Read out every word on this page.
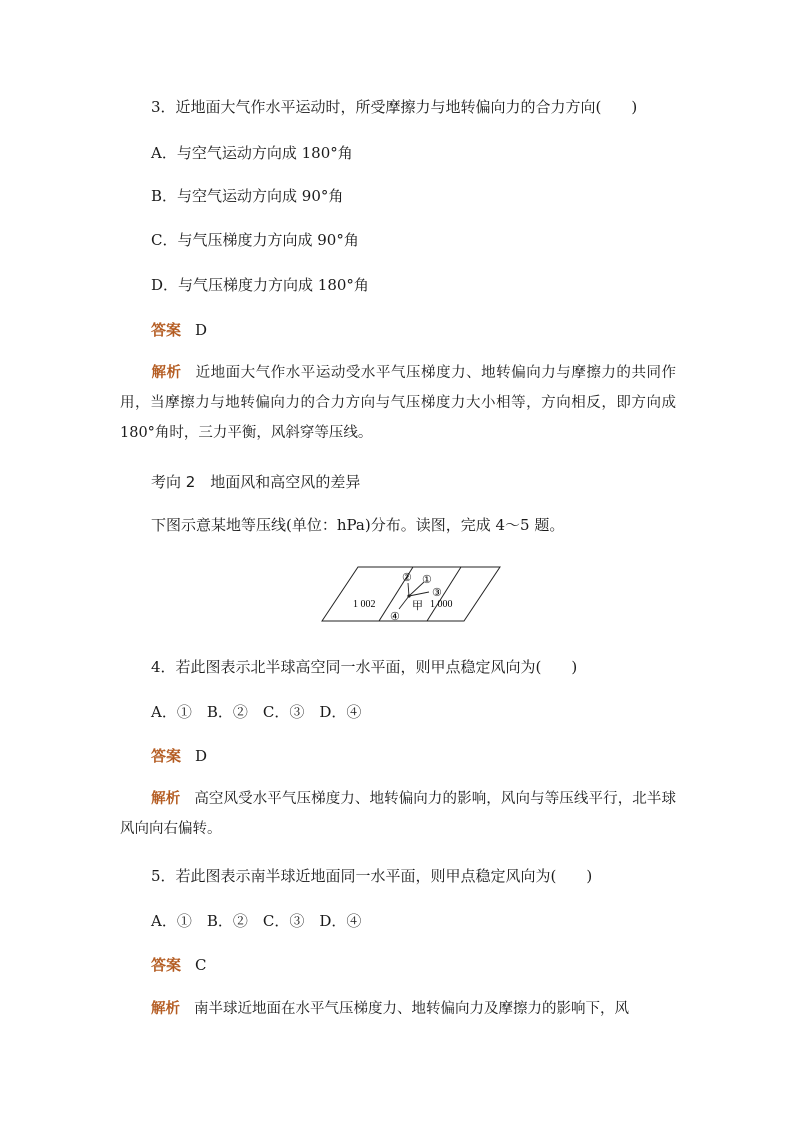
3．近地面大气作水平运动时，所受摩擦力与地转偏向力的合力方向(　　)
A．与空气运动方向成 180°角
B．与空气运动方向成 90°角
C．与气压梯度力方向成 90°角
D．与气压梯度力方向成 180°角
答案 D
解析 近地面大气作水平运动受水平气压梯度力、地转偏向力与摩擦力的共同作用，当摩擦力与地转偏向力的合力方向与气压梯度力大小相等，方向相反，即方向成 180°角时，三力平衡，风斜穿等压线。
考向 2　地面风和高空风的差异
下图示意某地等压线(单位：hPa)分布。读图，完成 4～5 题。
1 002	1 000
甲
①
②
③
④
4．若此图表示北半球高空同一水平面，则甲点稳定风向为(　　)
A．①　B．②　C．③　D．④
答案 D
解析 高空风受水平气压梯度力、地转偏向力的影响，风向与等压线平行，北半球风向向右偏转。
5．若此图表示南半球近地面同一水平面，则甲点稳定风向为(　　)
A．①　B．②　C．③　D．④
答案 C
解析 南半球近地面在水平气压梯度力、地转偏向力及摩擦力的影响下，风
